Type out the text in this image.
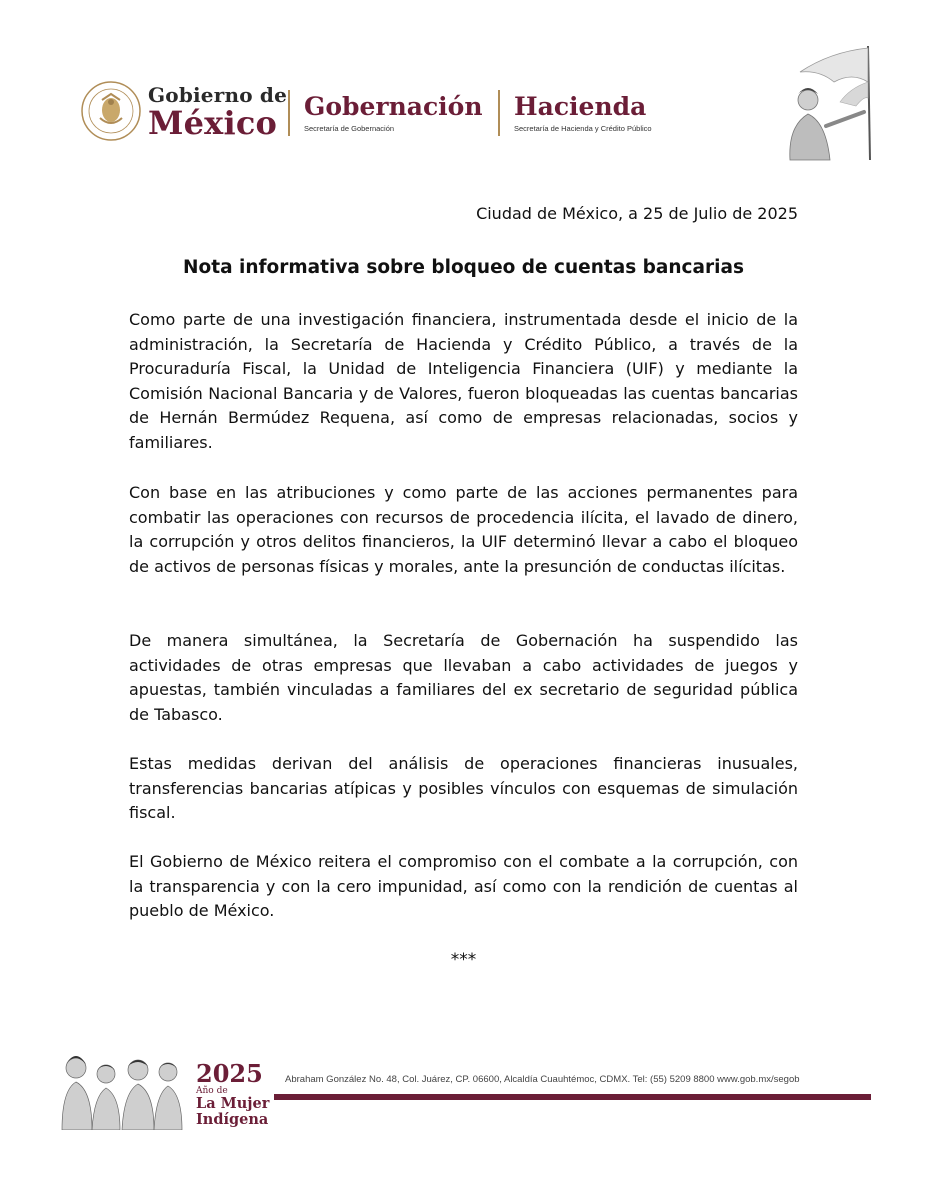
Gobierno de
México	Gobernación
Secretaría de Gobernación
Hacienda
Secretaría de Hacienda y Crédito Público
Ciudad de México, a 25 de Julio de 2025
Nota informativa sobre bloqueo de cuentas bancarias

Como parte de una investigación financiera, instrumentada desde el inicio de la administración, la Secretaría de Hacienda y Crédito Público, a través de la Procuraduría Fiscal, la Unidad de Inteligencia Financiera (UIF) y mediante la Comisión Nacional Bancaria y de Valores, fueron bloqueadas las cuentas bancarias de Hernán Bermúdez Requena, así como de empresas relacionadas, socios y familiares.

Con base en las atribuciones y como parte de las acciones permanentes para combatir las operaciones con recursos de procedencia ilícita, el lavado de dinero, la corrupción y otros delitos financieros, la UIF determinó llevar a cabo el bloqueo de activos de personas físicas y morales, ante la presunción de conductas ilícitas.

De manera simultánea, la Secretaría de Gobernación ha suspendido las actividades de otras empresas que llevaban a cabo actividades de juegos y apuestas, también vinculadas a familiares del ex secretario de seguridad pública de Tabasco.

Estas medidas derivan del análisis de operaciones financieras inusuales, transferencias bancarias atípicas y posibles vínculos con esquemas de simulación fiscal.

El Gobierno de México reitera el compromiso con el combate a la corrupción, con la transparencia y con la cero impunidad, así como con la rendición de cuentas al pueblo de México.

***
2025
Año de
La Mujer
Indígena
Abraham González No. 48, Col. Juárez, CP. 06600, Alcaldía Cuauhtémoc, CDMX. Tel: (55) 5209 8800 www.gob.mx/segob
